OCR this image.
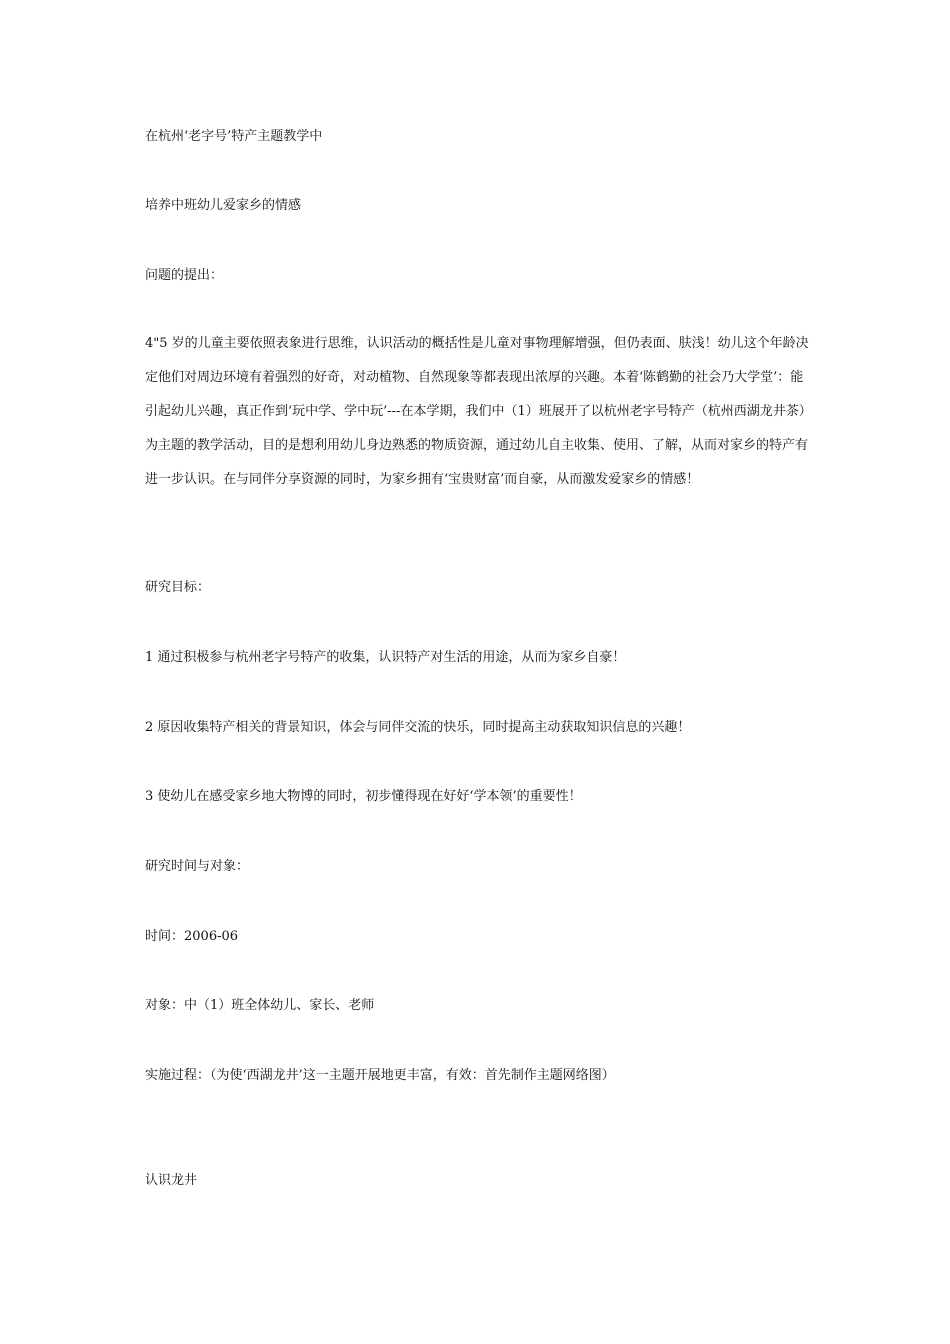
在杭州‘老字号’特产主题教学中
培养中班幼儿爱家乡的情感
问题的提出：
4"5 岁的儿童主要依照表象进行思维，认识活动的概括性是儿童对事物理解增强，但仍表面、肤浅！幼儿这个年龄决定他们对周边环境有着强烈的好奇，对动植物、自然现象等都表现出浓厚的兴趣。本着‘陈鹤勤的社会乃大学堂’：能引起幼儿兴趣，真正作到‘玩中学、学中玩’---在本学期，我们中（1）班展开了以杭州老字号特产（杭州西湖龙井茶）为主题的教学活动，目的是想利用幼儿身边熟悉的物质资源，通过幼儿自主收集、使用、了解，从而对家乡的特产有进一步认识。在与同伴分享资源的同时，为家乡拥有‘宝贵财富’而自豪，从而激发爱家乡的情感！
研究目标：
1 通过积极参与杭州老字号特产的收集，认识特产对生活的用途，从而为家乡自豪！
2 原因收集特产相关的背景知识，体会与同伴交流的快乐，同时提高主动获取知识信息的兴趣！
3 使幼儿在感受家乡地大物博的同时，初步懂得现在好好‘学本领’的重要性！
研究时间与对象：
时间：2006-06
对象：中（1）班全体幼儿、家长、老师
实施过程：（为使‘西湖龙井’这一主题开展地更丰富，有效：首先制作主题网络图）
认识龙井
